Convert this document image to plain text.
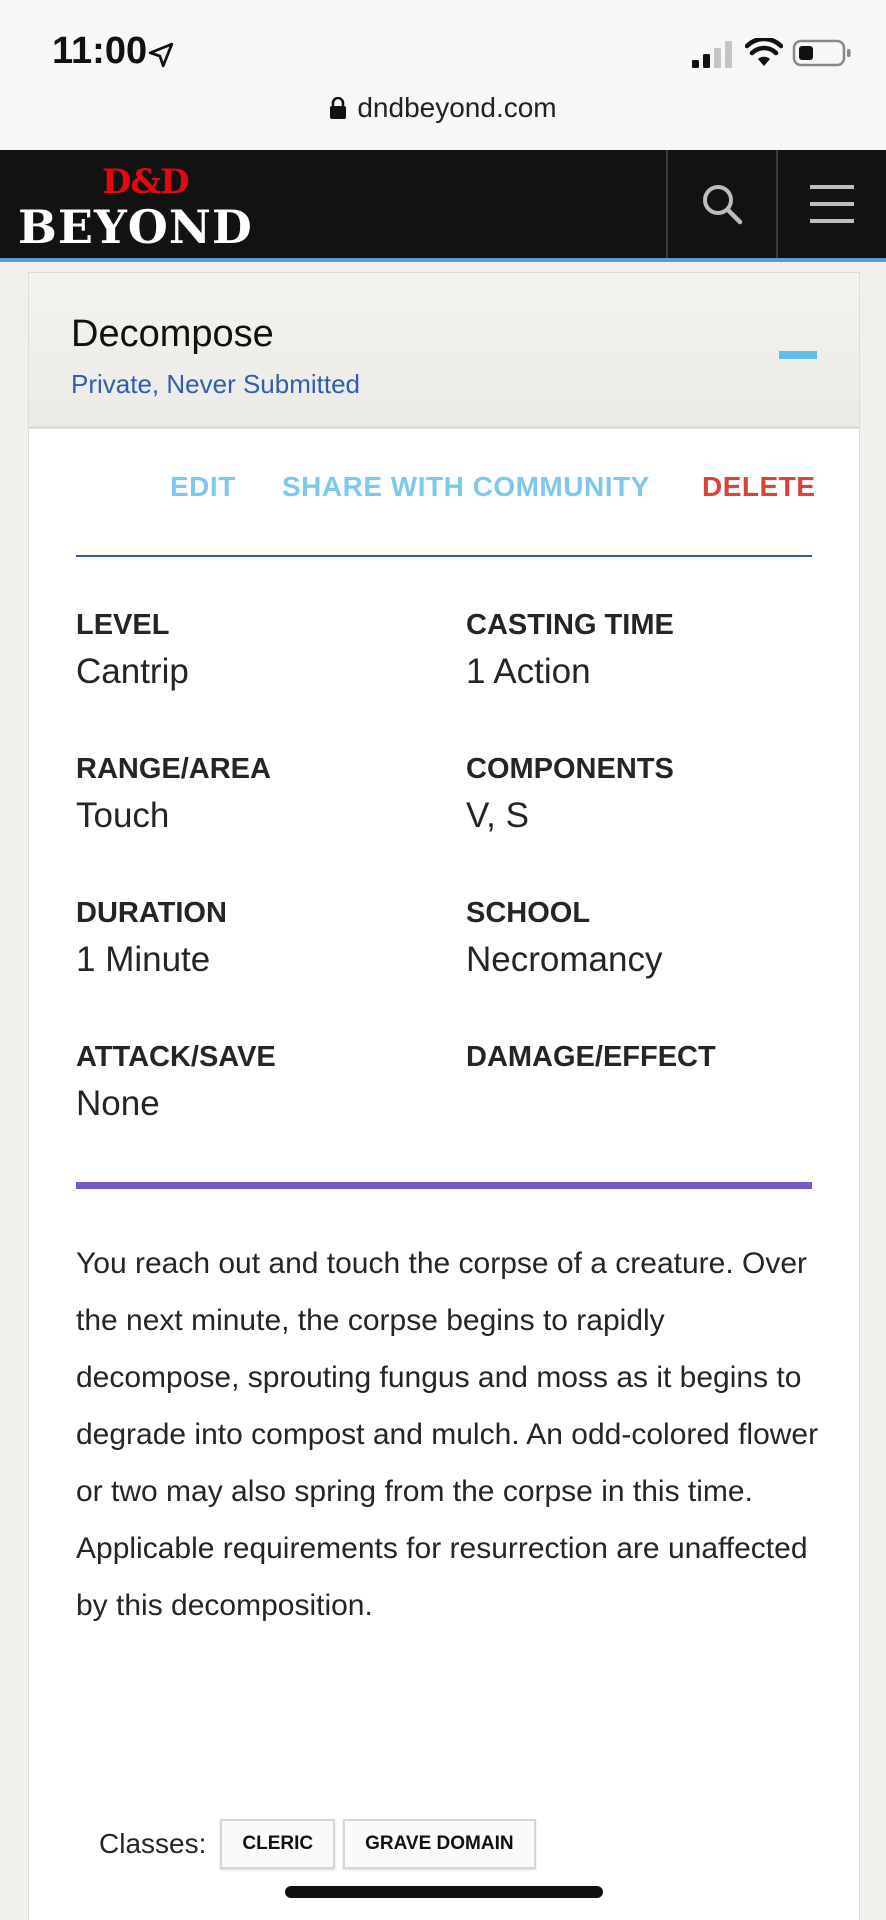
11:00
dndbeyond.com
D&D
BEYOND
Decompose
Private, Never Submitted
EDIT SHARE WITH COMMUNITY DELETE
LEVEL
Cantrip
CASTING TIME
1 Action
RANGE/AREA
Touch
COMPONENTS
V, S
DURATION
1 Minute
SCHOOL
Necromancy
ATTACK/SAVE
None
DAMAGE/EFFECT
You reach out and touch the corpse of a creature. Over the next minute, the corpse begins to rapidly decompose, sprouting fungus and moss as it begins to degrade into compost and mulch. An odd-colored flower or two may also spring from the corpse in this time. Applicable requirements for resurrection are unaffected by this decomposition.
Classes:	CLERIC	GRAVE DOMAIN
